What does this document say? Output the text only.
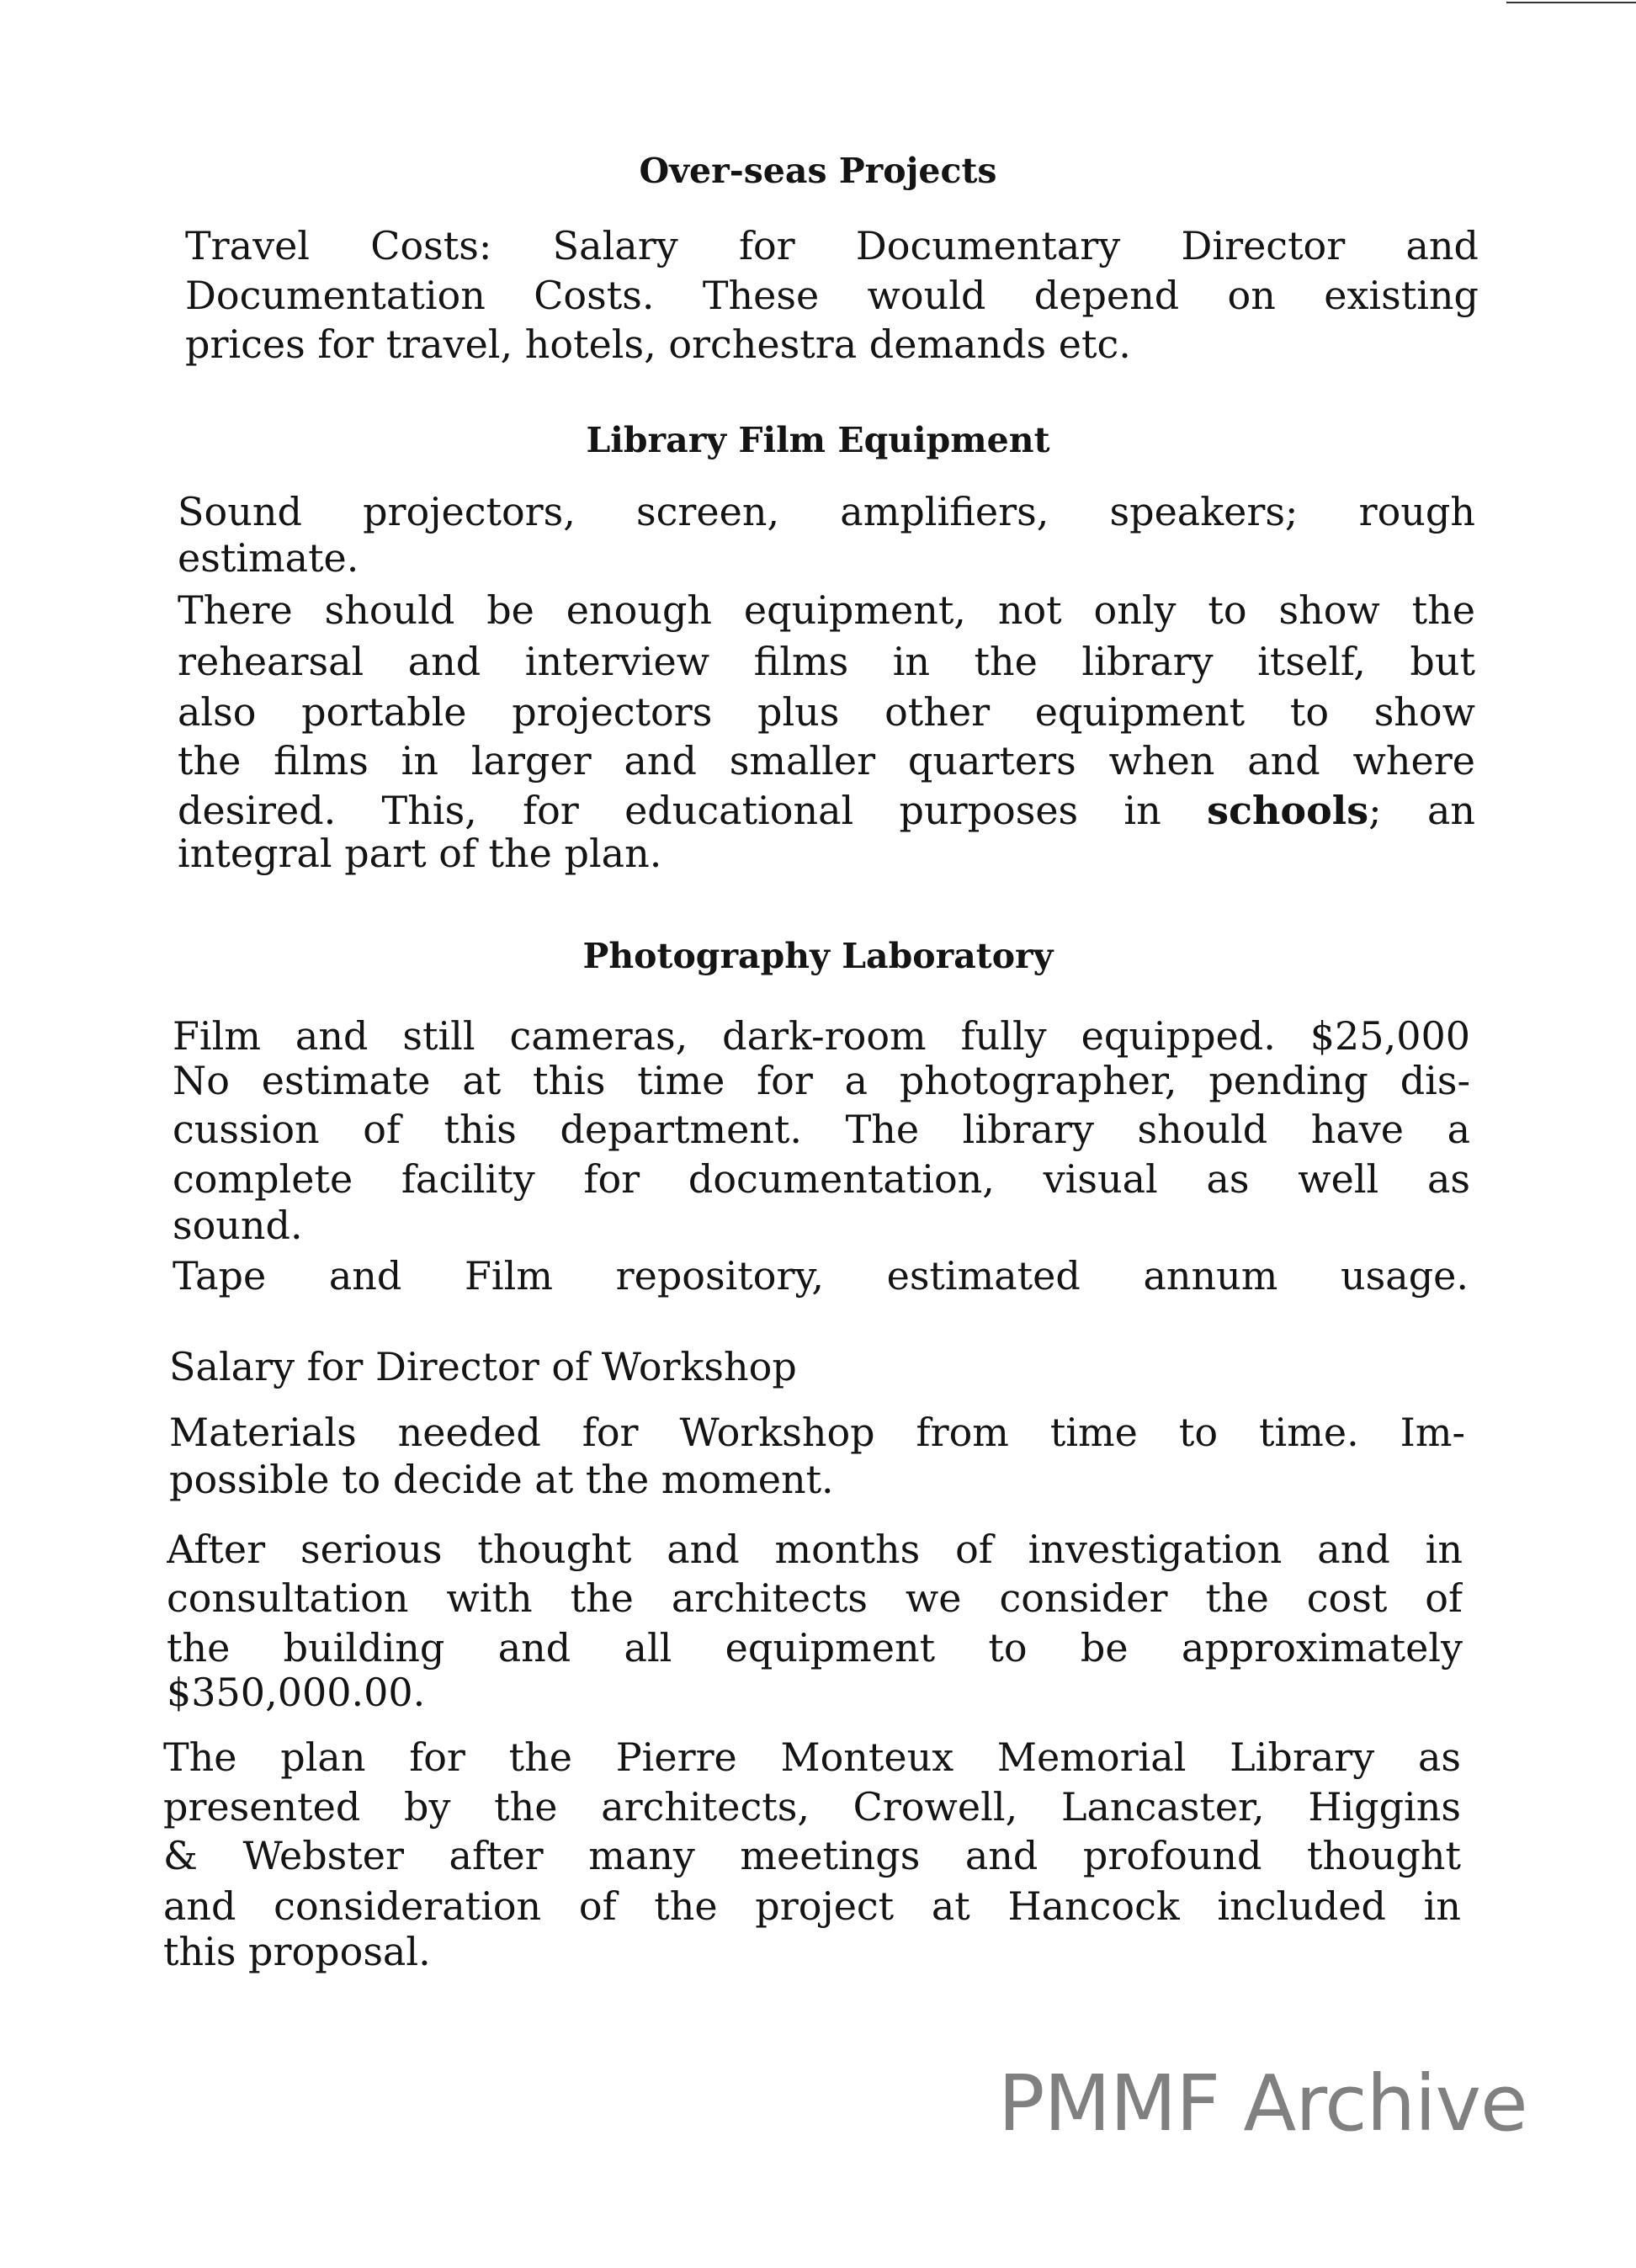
Over-seas Projects
Travel Costs: Salary for Documentary Director and
Documentation Costs. These would depend on existing
prices for travel, hotels, orchestra demands etc.
Library Film Equipment
Sound projectors, screen, amplifiers, speakers; rough
estimate.
There should be enough equipment, not only to show the
rehearsal and interview films in the library itself, but
also portable projectors plus other equipment to show
the films in larger and smaller quarters when and where
desired. This, for educational purposes in schools; an
integral part of the plan.
Photography Laboratory
Film and still cameras, dark-room fully equipped. $25,000
No estimate at this time for a photographer, pending dis-
cussion of this department. The library should have a
complete facility for documentation, visual as well as
sound.
Tape and Film repository, estimated annum usage.
Salary for Director of Workshop
Materials needed for Workshop from time to time. Im-
possible to decide at the moment.
After serious thought and months of investigation and in
consultation with the architects we consider the cost of
the building and all equipment to be approximately
$350,000.00.
The plan for the Pierre Monteux Memorial Library as
presented by the architects, Crowell, Lancaster, Higgins
& Webster after many meetings and profound thought
and consideration of the project at Hancock included in
this proposal.
PMMF Archive
